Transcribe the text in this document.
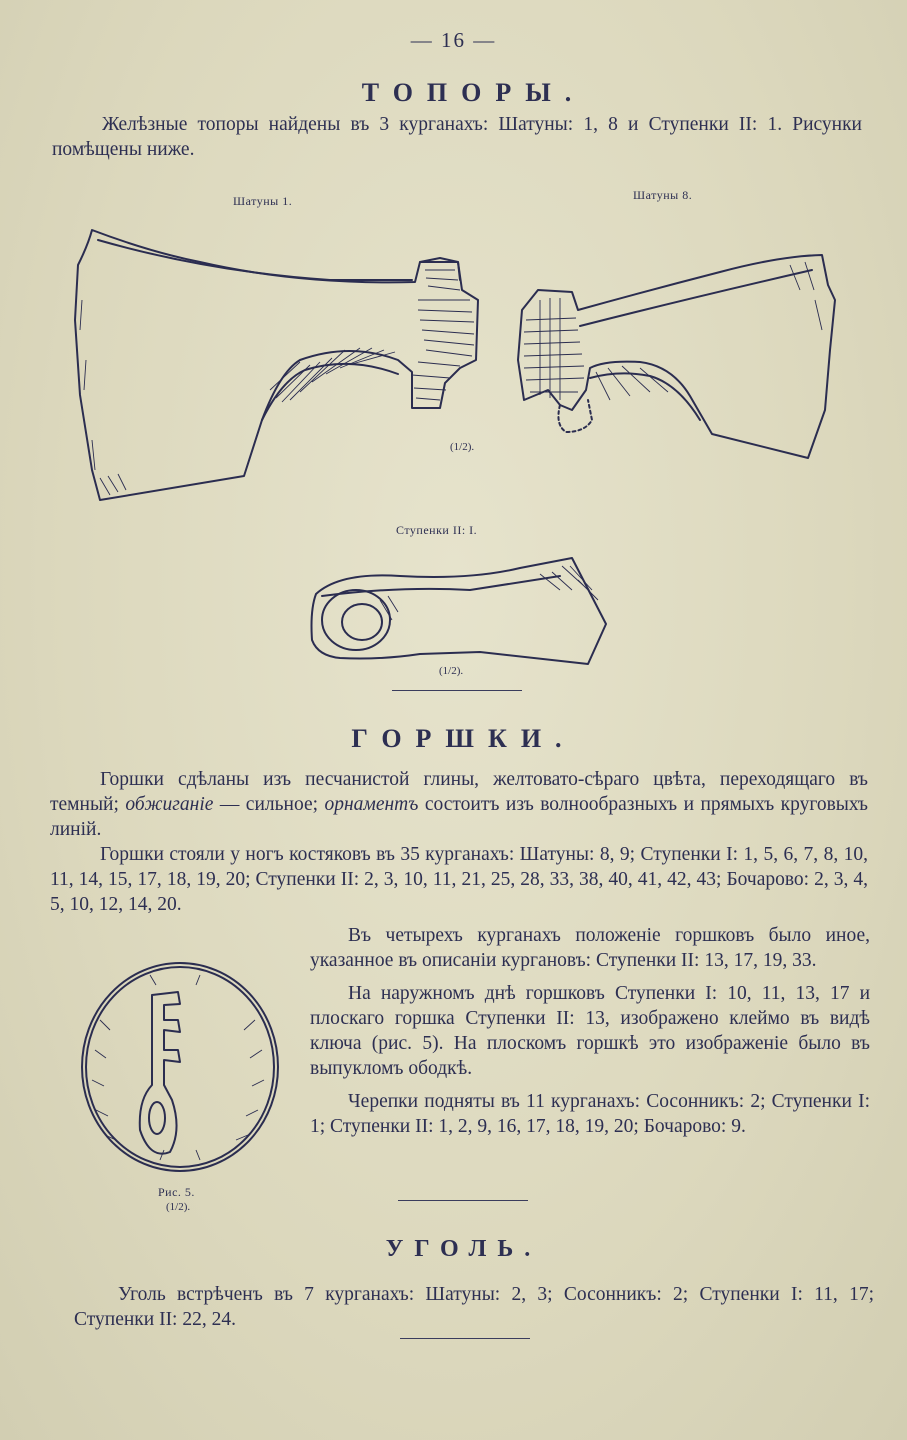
— 16 —
ТОПОРЫ.

Желѣзные топоры найдены въ 3 курганахъ: Шатуны: 1, 8 и Ступенки II: 1. Рисунки помѣщены ниже.

Шатуны 1.	Шатуны 8.
(1/2).
Ступенки II: I.
(1/2).
ГОРШКИ.

Горшки сдѣланы изъ песчанистой глины, желтовато-сѣраго цвѣта, переходящаго въ темный; обжиганіе — сильное; орнаментъ состоитъ изъ волнообразныхъ и прямыхъ круговыхъ линій.

Горшки стояли у ногъ костяковъ въ 35 курганахъ: Шатуны: 8, 9; Ступенки I: 1, 5, 6, 7, 8, 10, 11, 14, 15, 17, 18, 19, 20; Ступенки II: 2, 3, 10, 11, 21, 25, 28, 33, 38, 40, 41, 42, 43; Бочарово: 2, 3, 4, 5, 10, 12, 14, 20.

Рис. 5.
(1/2).

Въ четырехъ курганахъ положеніе горшковъ было иное, указанное въ описаніи кургановъ: Ступенки II: 13, 17, 19, 33.

На наружномъ днѣ горшковъ Ступенки I: 10, 11, 13, 17 и плоскаго горшка Ступенки II: 13, изображено клеймо въ видѣ ключа (рис. 5). На плоскомъ горшкѣ это изображеніе было въ выпукломъ ободкѣ.

Черепки подняты въ 11 курганахъ: Сосонникъ: 2; Ступенки I: 1; Ступенки II: 1, 2, 9, 16, 17, 18, 19, 20; Бочарово: 9.

УГОЛЬ.

Уголь встрѣченъ въ 7 курганахъ: Шатуны: 2, 3; Сосонникъ: 2; Ступенки I: 11, 17; Ступенки II: 22, 24.
